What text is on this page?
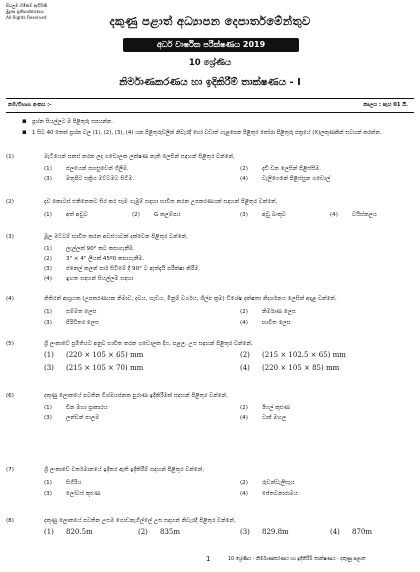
සියලුම හිමිකම් ඇවිරිණි
මුද්‍රණ ප්‍රතිසංස්කරණය
All Rights Reserved	දකුණු පළාත් අධ්‍යාපන දෙපාර්තමේන්තුව
අර්ධ වාර්ෂික පරීක්ෂණය 2019
10 ශ්‍රේණිය
නිර්මාණකරණය හා ඉදිකිරීම් තාක්ෂණය - I
නම/විභාග අංකය :-	කාලය : පැය 01 යි.
▪ ප්‍රශ්න සියල්ලට ම පිළිතුරු සපයන්න.
▪ 1 සිට 40 තෙක් ප්‍රශ්න වල (1), (2), (3), (4) යන පිළිතුරුවලින් නිවැරදි හෝ වඩාත් ගැළපෙන පිළිතුර තෝරා පිළිතුරු පත්‍රයේ (X)ලකුණකින් සටහන් කරන්න.
(1)	මැටියෙන් සකස් කරන ලද ගඩොලක ලක්ෂණ නැති ලෙසින් සඳහන් පිළිතුර වන්නේ,
(1)	ජලයෙන් පහසුවෙන් ගිලීම.	(2)	දැඩි වන ලෙසින් පිළිස්සීම.
(3)	මතුපිට සක්‍රිය මට්ටමට සිටීම.	(4)	වැලිගෙනේ පිළිස්සුන ගඩොල්
(2)	දැව කොටස් එකිනෙකට සිර කර සෑම ගැඹුම් සඳහා භාවිත කරන උපකරණයක් සඳහන් පිළිතුර වන්නේ,
(1)	අත් අඬුව	(2)	G කලම්පය	(3)	අඬු බංකුව	(4)	වයිස්කලය
(3)	මූල මට්ටම් භාවිත කරන අවස්ථාවක් දක්වෙන පිළිතුර වන්නේ,
(1)	ලැල්ලක් 90° කට කපාගැනීම.
(2)	3" × 4" ලීයක් 45º0 කපාගැනීම.
(3)	ජනෙල් කලන් පාර් සිටීමේ දී 90° ට ඇත්දැයි පරීක්ෂා කිරීම.
(4)	ඉහත සඳහන් සියල්ලම සඳහා
(4)	නිතිරන් ආශ්‍රයක (උපකරණයක නිමාව, දවය, හැඩය, මිනුම් වර්ගය, ශිල්ප ක්‍රම) විශේෂ දක්ෂතා නිදර්ශනය ලෙසින් අදාළ වන්නේ,
(1)	සම්මත ලෙස	(2)	නිර්මාණ ලෙස
(3)	පිරිවිතර ලෙස	(4)	භාවිත ලෙස
(5)	ශ්‍රී ලංකාවේ ප්‍රමිතියට අනුව භාවිත කරන ගඩොලක දිග, පළල, උස සඳහන් පිළිතුර වන්නේ,
(1) (220 × 105 × 65) mm	(2) (215 × 102.5 × 65) mm
(3) (215 × 105 × 70) mm	(4) (220 × 105 × 85) mm
(6)	දකුණු ලොකයේ පවතින විශ්මයජනක පුරාණ ඉදිකිරීමක් සඳහන් පිළිතුර වන්නේ,
(1)	චීන මහා ප්‍රාකාරය	(2)	ඊෆල් කුළුණ
(3)	ලන්ඩන් පාලම	(4)	ටාජ් මහල
(7)	ශ්‍රී ලංකාවේ වර්තමානයේ ඉදිකර ඇති ඉදිකිරීම් සඳහන් පිළිතුර වන්නේ,
(1)	සිගිරිය	(2)	රුවන්වැලිසෑය
(3)	ලෝටස් කුළුණ	(4)	ජේතවනාරාමය
(8)	දකුණු ලොකයේ පවතින උසම ගොඩනැගිල්ලේ උස සඳහන් නිවැරදි පිළිතුර වන්නේ,
(1) 820.5m	(2) 835m	(3) 829.8m	(4) 870m
1	10 ශ්‍රේණිය - නිර්මාණකරණය හා ඉදිකිරීම් තාක්ෂණය - දකුණු පළාත
